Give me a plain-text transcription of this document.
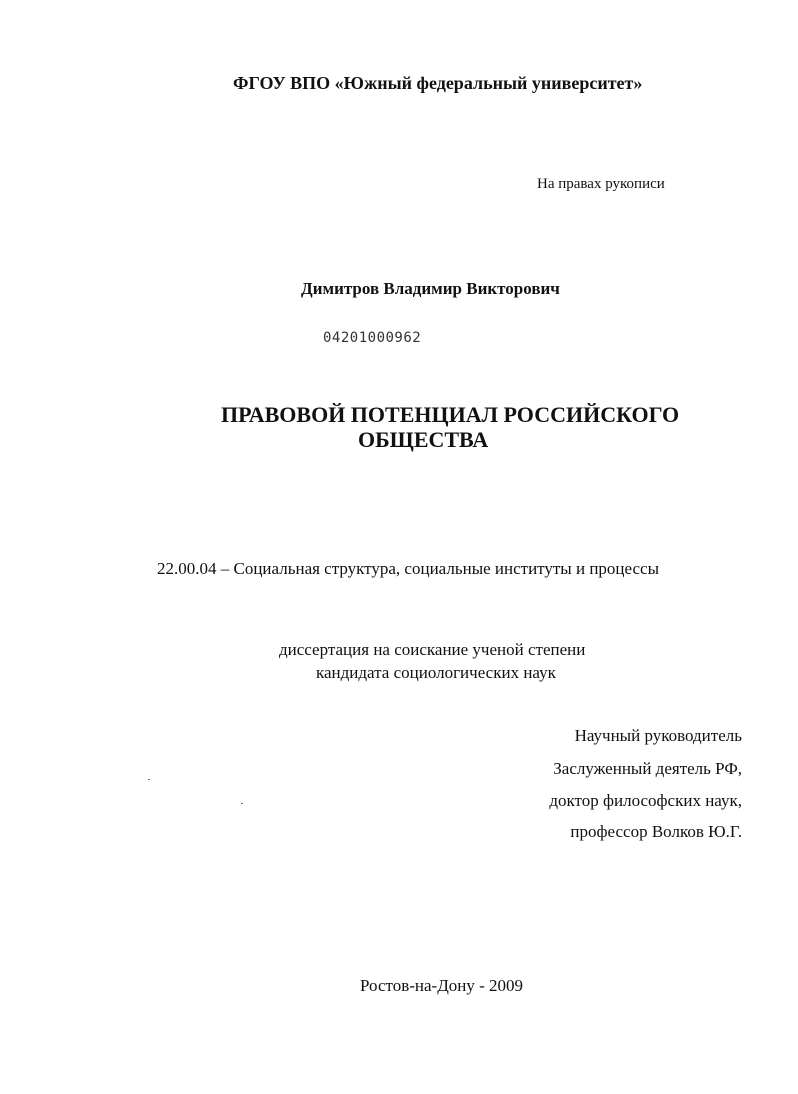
ФГОУ ВПО «Южный федеральный университет»

На правах рукописи

Димитров Владимир Викторович

04201000962

ПРАВОВОЙ ПОТЕНЦИАЛ РОССИЙСКОГО

ОБЩЕСТВА

22.00.04 – Социальная структура, социальные институты и процессы

диссертация на соискание ученой степени

кандидата социологических наук

Научный руководитель

Заслуженный деятель РФ,

доктор философских наук,

профессор Волков Ю.Г.

Ростов-на-Дону - 2009
